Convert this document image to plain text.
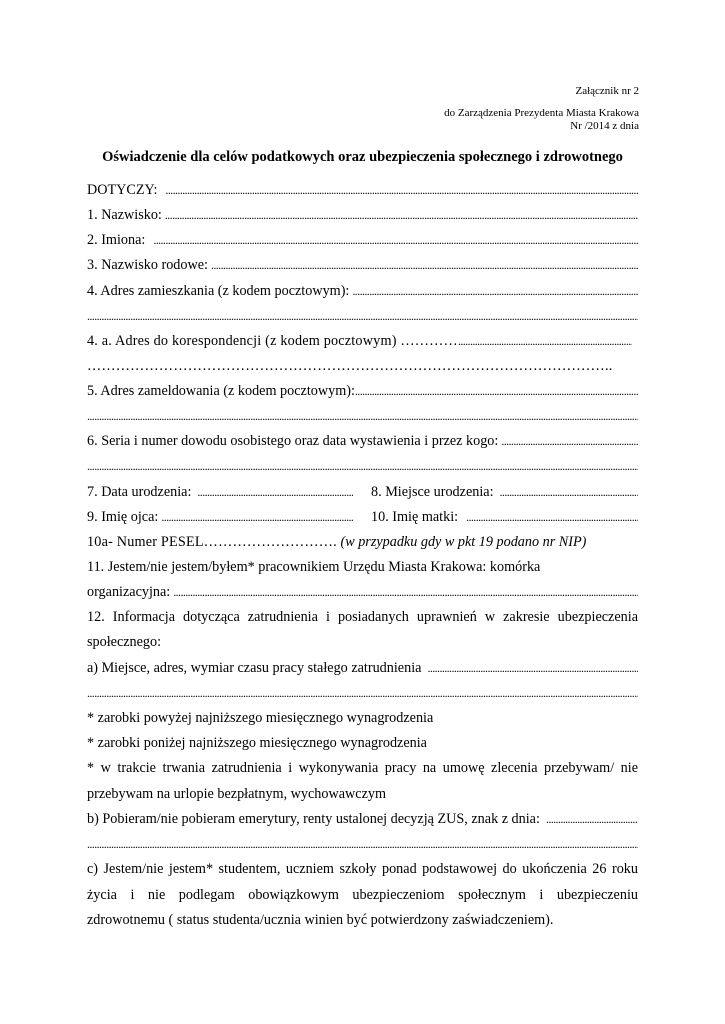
Załącznik nr 2
do Zarządzenia Prezydenta Miasta Krakowa
Nr /2014 z dnia
Oświadczenie dla celów podatkowych oraz ubezpieczenia społecznego i zdrowotnego
DOTYCZY:
.....
1. Nazwisko:
.....
2. Imiona:
.....
3. Nazwisko rodowe:
.....
4. Adres zamieszkania (z kodem pocztowym):
.....
.....
4. a. Adres do korespondencji (z kodem pocztowym) …………
.....
………………………………………………………………………………………………..
5. Adres zameldowania (z kodem pocztowym):
.....
.....
6. Seria i numer dowodu osobistego oraz data wystawienia i przez kogo:
.....
.....
7. Data urodzenia: .....	8. Miejsce urodzenia:
.....
9. Imię ojca: .....	10. Imię matki:
.....
10a- Numer PESEL………………………. (w przypadku gdy w pkt 19 podano nr NIP)
11. Jestem/nie jestem/byłem* pracownikiem Urzędu Miasta Krakowa: komórka
organizacyjna:
.....
12. Informacja dotycząca zatrudnienia i posiadanych uprawnień w zakresie ubezpieczenia
społecznego:
a) Miejsce, adres, wymiar czasu pracy stałego zatrudnienia
.....
.....
* zarobki powyżej najniższego miesięcznego wynagrodzenia
* zarobki poniżej najniższego miesięcznego wynagrodzenia
* w trakcie trwania zatrudnienia i wykonywania pracy na umowę zlecenia przebywam/ nie
przebywam na urlopie bezpłatnym, wychowawczym
b) Pobieram/nie pobieram emerytury, renty ustalonej decyzją ZUS, znak z dnia:
.....
.....
c) Jestem/nie jestem* studentem, uczniem szkoły ponad podstawowej do ukończenia 26 roku
życia i nie podlegam obowiązkowym ubezpieczeniom społecznym i ubezpieczeniu
zdrowotnemu ( status studenta/ucznia winien być potwierdzony zaświadczeniem).
